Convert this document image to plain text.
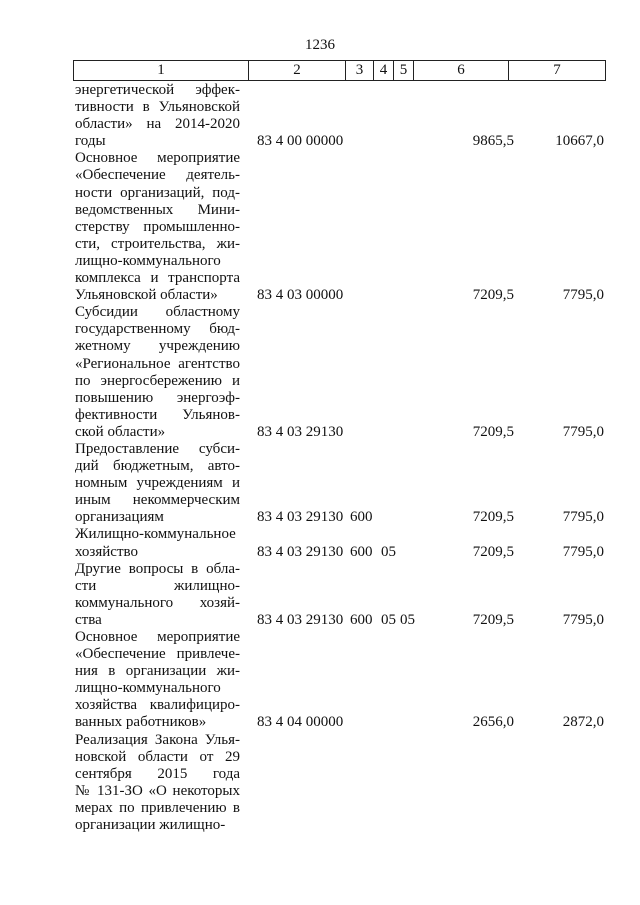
1236
1	2	3	4	5	6	7
энергетической эффек-
тивности в Ульяновской
области» на 2014-2020
годы	83 4 00 00000	9865,5	10667,0
Основное мероприятие
«Обеспечение деятель-
ности организаций, под-
ведомственных Мини-
стерству промышленно-
сти, строительства, жи-
лищно-коммунального
комплекса и транспорта
Ульяновской области»	83 4 03 00000	7209,5	7795,0
Субсидии областному
государственному бюд-
жетному учреждению
«Региональное агентство
по энергосбережению и
повышению энергоэф-
фективности Ульянов-
ской области»	83 4 03 29130	7209,5	7795,0
Предоставление субси-
дий бюджетным, авто-
номным учреждениям и
иным некоммерческим
организациям	83 4 03 29130 600	7209,5	7795,0
Жилищно-коммунальное
хозяйство	83 4 03 29130 600 05	7209,5	7795,0
Другие вопросы в обла-
сти жилищно-
коммунального хозяй-
ства	83 4 03 29130 600 05 05	7209,5	7795,0
Основное мероприятие
«Обеспечение привлече-
ния в организации жи-
лищно-коммунального
хозяйства квалифициро-
ванных работников»	83 4 04 00000	2656,0	2872,0
Реализация Закона Улья-
новской области от 29
сентября 2015 года
№ 131-ЗО «О некоторых
мерах по привлечению в
организации жилищно-
